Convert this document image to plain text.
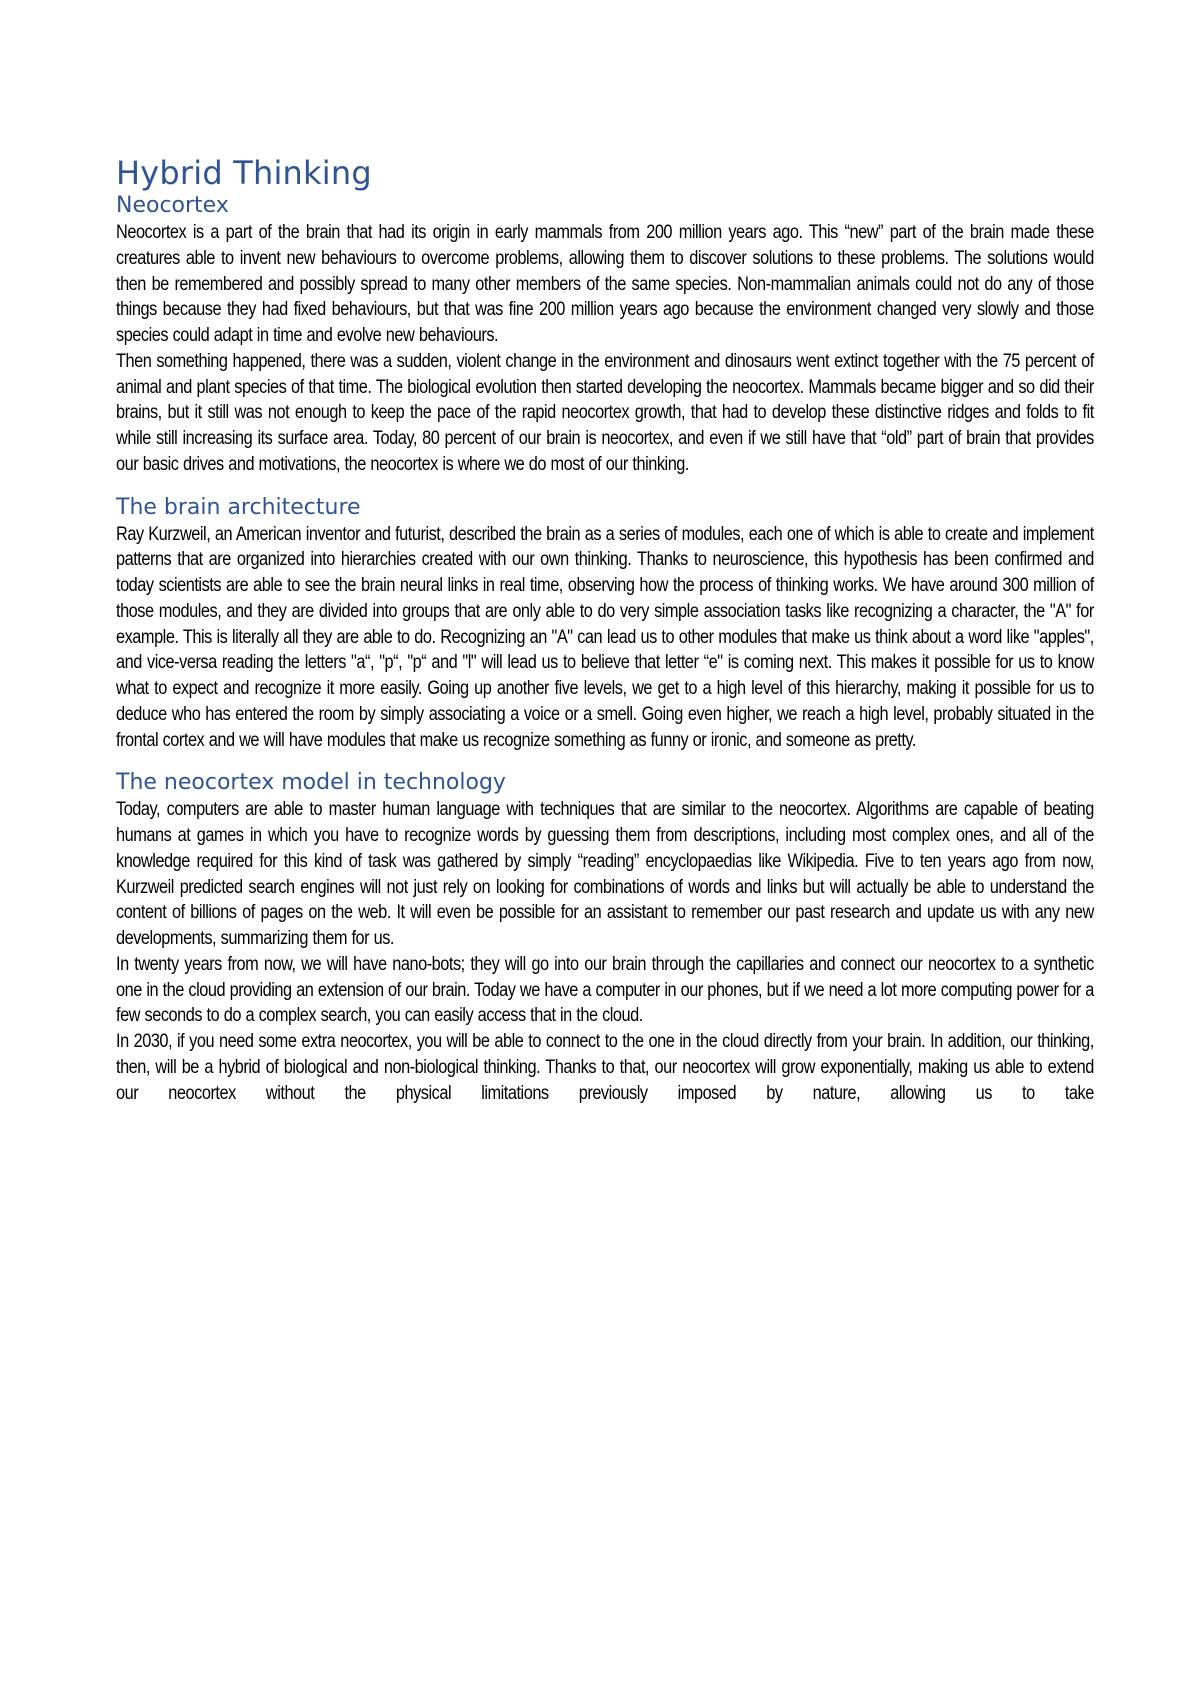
Hybrid Thinking
Neocortex

Neocortex is a part of the brain that had its origin in early mammals from 200 million years ago. This “new” part of the brain made these creatures able to invent new behaviours to overcome problems, allowing them to discover solutions to these problems. The solutions would then be remembered and possibly spread to many other members of the same species. Non-mammalian animals could not do any of those things because they had fixed behaviours, but that was fine 200 million years ago because the environment changed very slowly and those species could adapt in time and evolve new behaviours.

Then something happened, there was a sudden, violent change in the environment and dinosaurs went extinct together with the 75 percent of animal and plant species of that time. The biological evolution then started developing the neocortex. Mammals became bigger and so did their brains, but it still was not enough to keep the pace of the rapid neocortex growth, that had to develop these distinctive ridges and folds to fit while still increasing its surface area. Today, 80 percent of our brain is neocortex, and even if we still have that “old” part of brain that provides our basic drives and motivations, the neocortex is where we do most of our thinking.

The brain architecture

Ray Kurzweil, an American inventor and futurist, described the brain as a series of modules, each one of which is able to create and implement patterns that are organized into hierarchies created with our own thinking. Thanks to neuroscience, this hypothesis has been confirmed and today scientists are able to see the brain neural links in real time, observing how the process of thinking works. We have around 300 million of those modules, and they are divided into groups that are only able to do very simple association tasks like recognizing a character, the "A" for example. This is literally all they are able to do. Recognizing an "A" can lead us to other modules that make us think about a word like "apples", and vice-versa reading the letters "a“, "p“, "p“ and "l" will lead us to believe that letter “e" is coming next. This makes it possible for us to know what to expect and recognize it more easily. Going up another five levels, we get to a high level of this hierarchy, making it possible for us to deduce who has entered the room by simply associating a voice or a smell. Going even higher, we reach a high level, probably situated in the frontal cortex and we will have modules that make us recognize something as funny or ironic, and someone as pretty.

The neocortex model in technology

Today, computers are able to master human language with techniques that are similar to the neocortex. Algorithms are capable of beating humans at games in which you have to recognize words by guessing them from descriptions, including most complex ones, and all of the knowledge required for this kind of task was gathered by simply “reading” encyclopaedias like Wikipedia. Five to ten years ago from now, Kurzweil predicted search engines will not just rely on looking for combinations of words and links but will actually be able to understand the content of billions of pages on the web. It will even be possible for an assistant to remember our past research and update us with any new developments, summarizing them for us.

In twenty years from now, we will have nano-bots; they will go into our brain through the capillaries and connect our neocortex to a synthetic one in the cloud providing an extension of our brain. Today we have a computer in our phones, but if we need a lot more computing power for a few seconds to do a complex search, you can easily access that in the cloud.

In 2030, if you need some extra neocortex, you will be able to connect to the one in the cloud directly from your brain. In addition, our thinking, then, will be a hybrid of biological and non-biological thinking. Thanks to that, our neocortex will grow exponentially, making us able to extend our neocortex without the physical limitations previously imposed by nature, allowing us to take
